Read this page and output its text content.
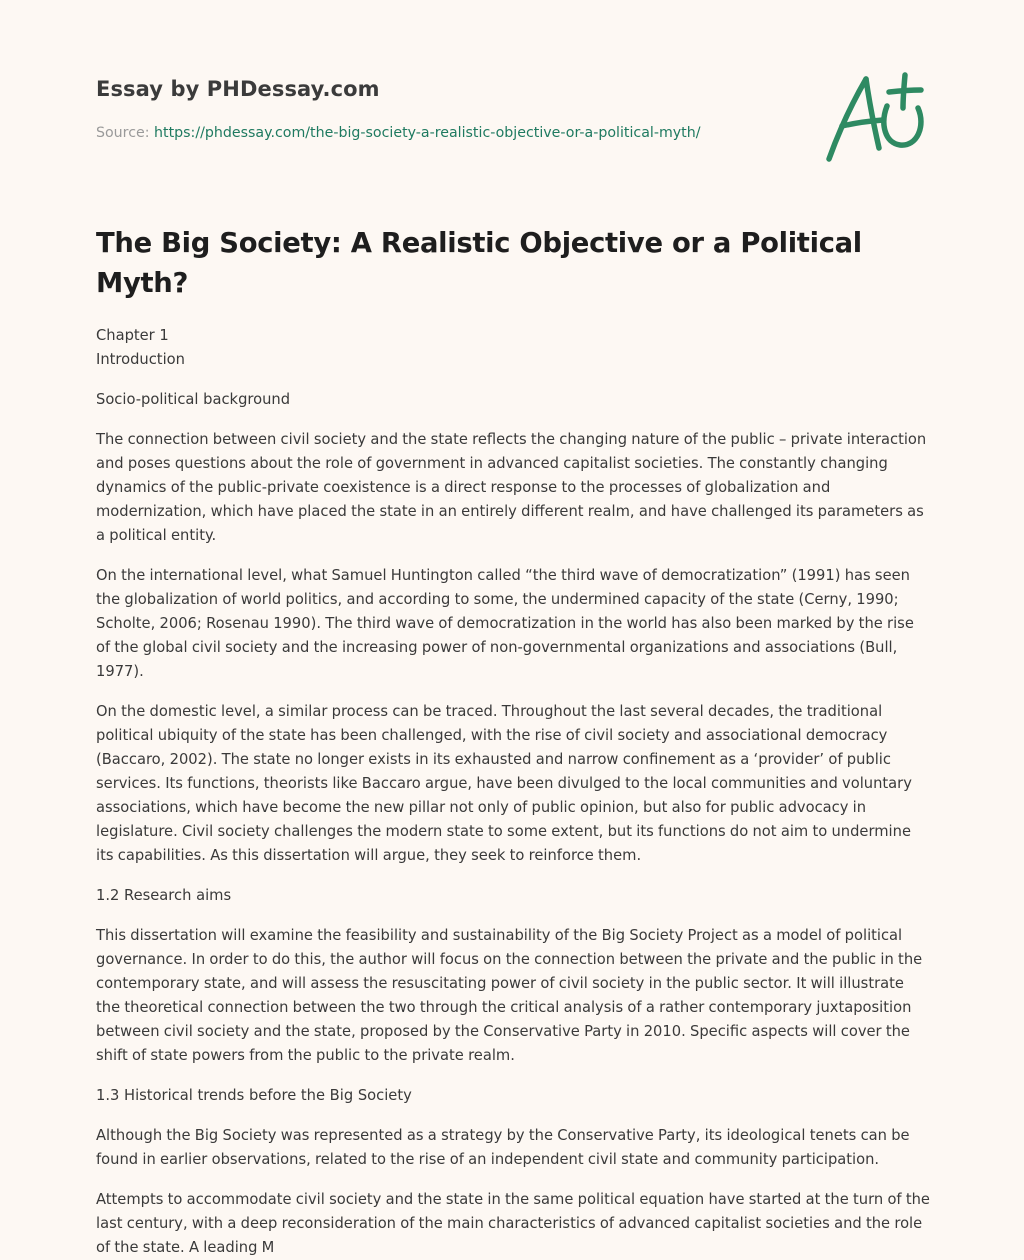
Essay by PHDessay.com
Source: https://phdessay.com/the-big-society-a-realistic-objective-or-a-political-myth/
The Big Society: A Realistic Objective or a Political Myth?

Chapter 1

Introduction

Socio-political background

The connection between civil society and the state reflects the changing nature of the public – private interaction and poses questions about the role of government in advanced capitalist societies. The constantly changing dynamics of the public-private coexistence is a direct response to the processes of globalization and modernization, which have placed the state in an entirely different realm, and have challenged its parameters as a political entity.

On the international level, what Samuel Huntington called “the third wave of democratization” (1991) has seen the globalization of world politics, and according to some, the undermined capacity of the state (Cerny, 1990; Scholte, 2006; Rosenau 1990). The third wave of democratization in the world has also been marked by the rise of the global civil society and the increasing power of non-governmental organizations and associations (Bull, 1977).

On the domestic level, a similar process can be traced. Throughout the last several decades, the traditional political ubiquity of the state has been challenged, with the rise of civil society and associational democracy (Baccaro, 2002). The state no longer exists in its exhausted and narrow confinement as a ‘provider’ of public services. Its functions, theorists like Baccaro argue, have been divulged to the local communities and voluntary associations, which have become the new pillar not only of public opinion, but also for public advocacy in legislature. Civil society challenges the modern state to some extent, but its functions do not aim to undermine its capabilities. As this dissertation will argue, they seek to reinforce them.

1.2 Research aims

This dissertation will examine the feasibility and sustainability of the Big Society Project as a model of political governance. In order to do this, the author will focus on the connection between the private and the public in the contemporary state, and will assess the resuscitating power of civil society in the public sector. It will illustrate the theoretical connection between the two through the critical analysis of a rather contemporary juxtaposition between civil society and the state, proposed by the Conservative Party in 2010. Specific aspects will cover the shift of state powers from the public to the private realm.

1.3 Historical trends before the Big Society

Although the Big Society was represented as a strategy by the Conservative Party, its ideological tenets can be found in earlier observations, related to the rise of an independent civil state and community participation.

Attempts to accommodate civil society and the state in the same political equation have started at the turn of the last century, with a deep reconsideration of the main characteristics of advanced capitalist societies and the role of the state. A leading M
